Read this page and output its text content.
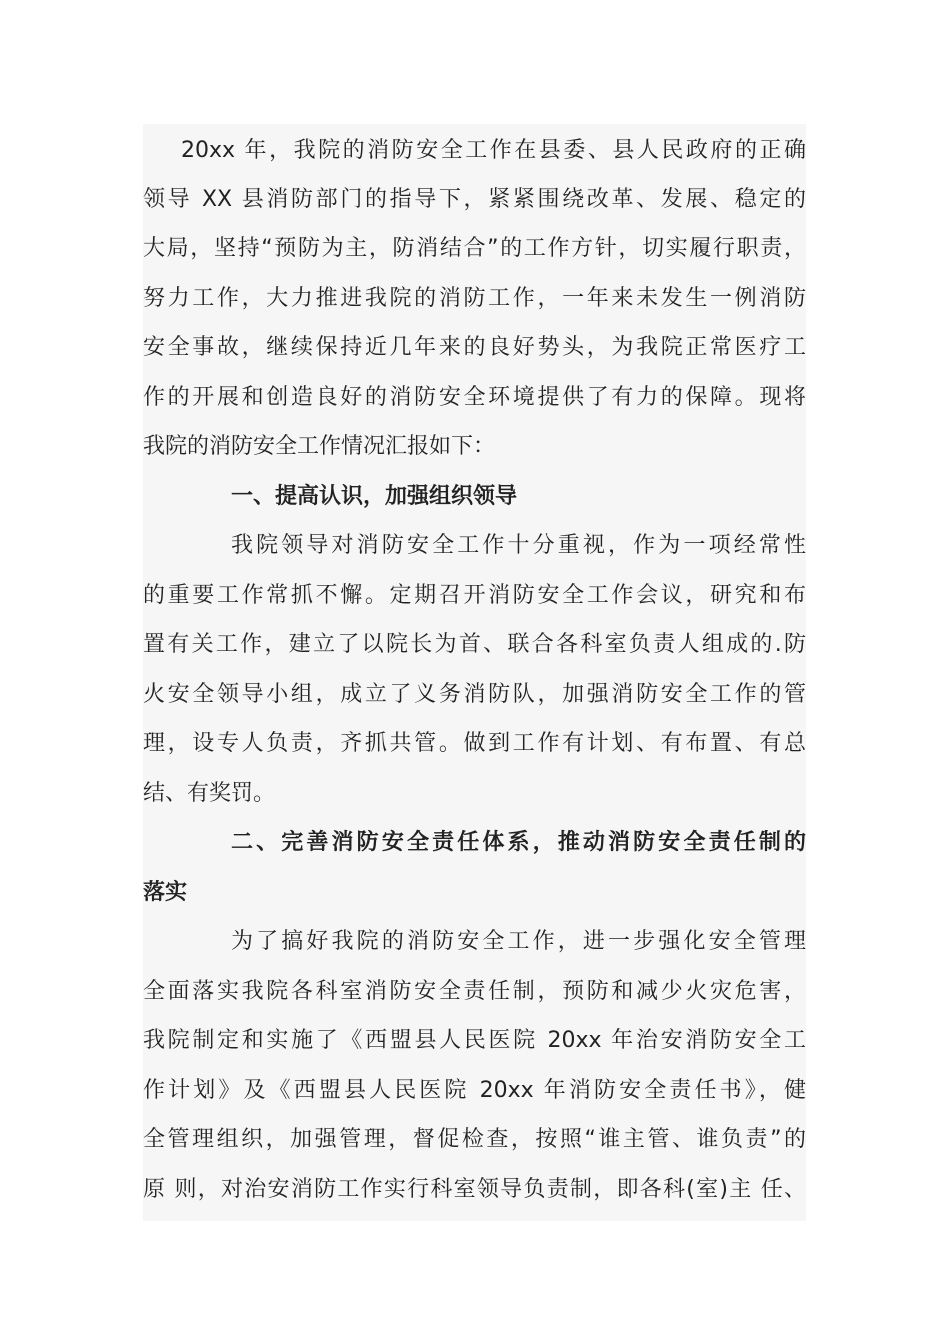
20xx 年，我院的消防安全工作在县委、县人民政府的正确
领导 XX 县消防部门的指导下，紧紧围绕改革、发展、稳定的
大局，坚持“预防为主，防消结合”的工作方针，切实履行职责，
努力工作，大力推进我院的消防工作，一年来未发生一例消防
安全事故，继续保持近几年来的良好势头，为我院正常医疗工
作的开展和创造良好的消防安全环境提供了有力的保障。现将
我院的消防安全工作情况汇报如下：
一、提高认识，加强组织领导
我院领导对消防安全工作十分重视，作为一项经常性
的重要工作常抓不懈。定期召开消防安全工作会议，研究和布
置有关工作，建立了以院长为首、联合各科室负责人组成的.防
火安全领导小组，成立了义务消防队，加强消防安全工作的管
理，设专人负责，齐抓共管。做到工作有计划、有布置、有总
结、有奖罚。
二、完善消防安全责任体系，推动消防安全责任制的
落实
为了搞好我院的消防安全工作，进一步强化安全管理
全面落实我院各科室消防安全责任制，预防和减少火灾危害，
我院制定和实施了《西盟县人民医院 20xx 年治安消防安全工
作计划》及《西盟县人民医院 20xx 年消防安全责任书》，健
全管理组织，加强管理，督促检查，按照“谁主管、谁负责”的
原 则，对治安消防工作实行科室领导负责制，即各科(室)主 任、
